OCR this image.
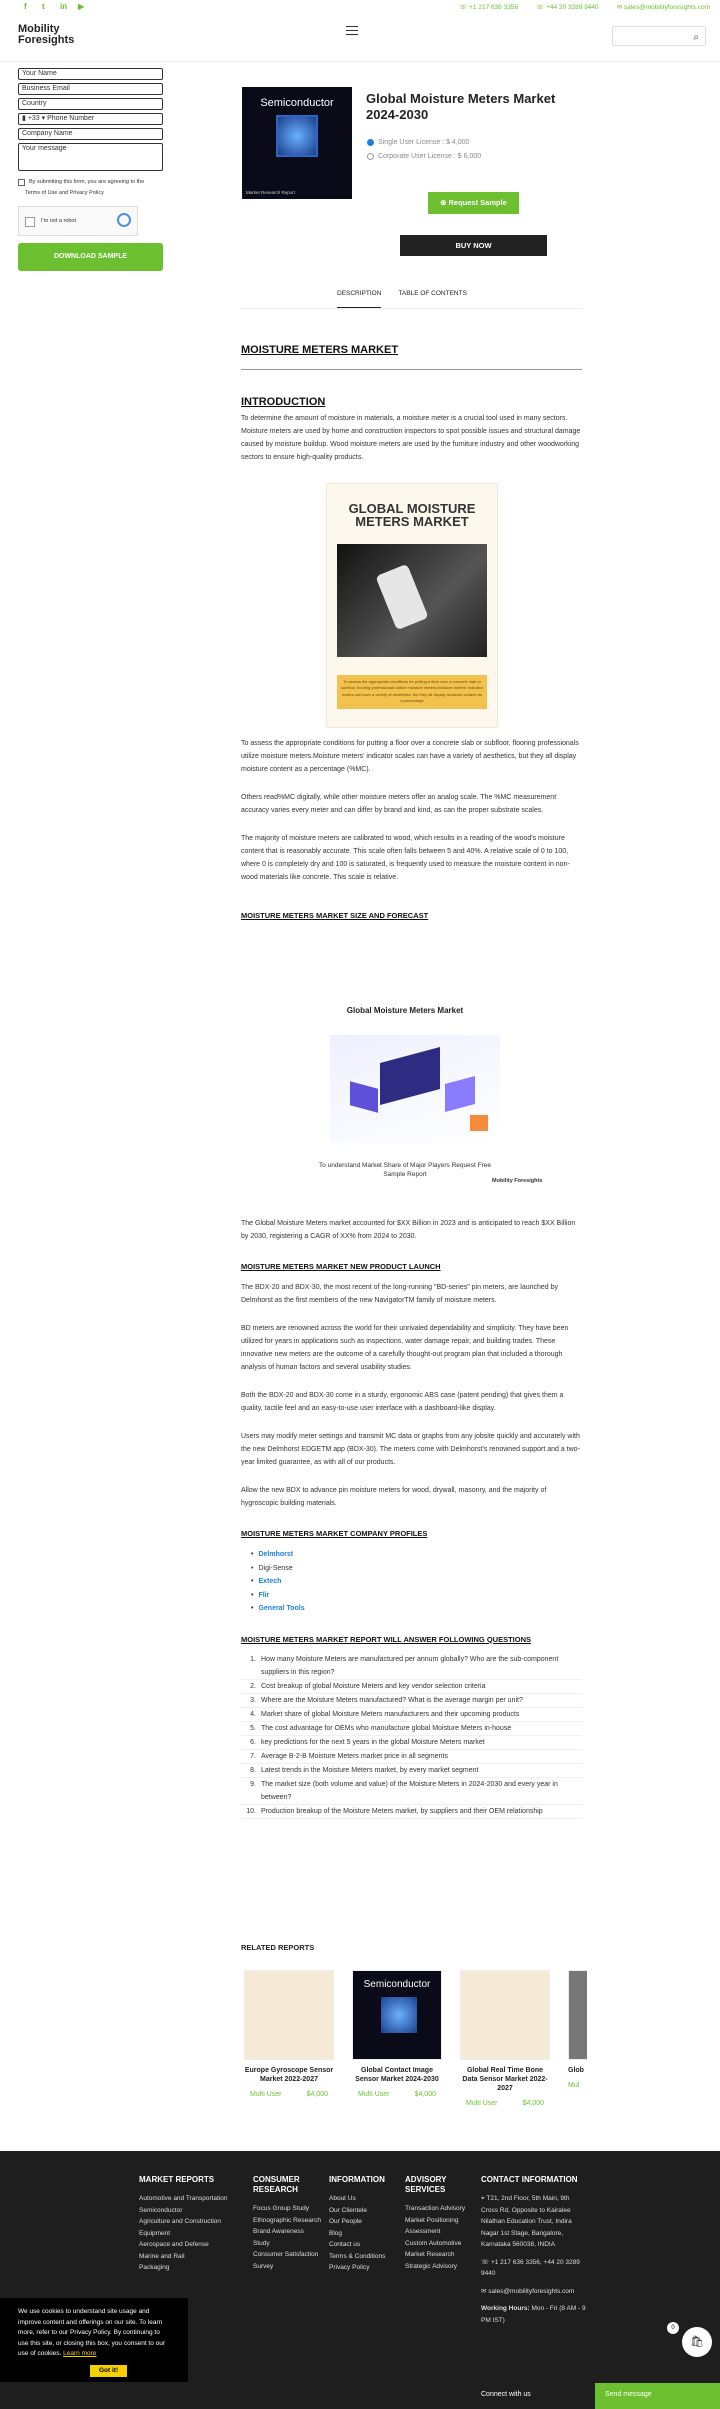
f	t	in ▶	☏ +1 217 636 3356	☏ +44 20 3289 9440	✉ sales@mobilityforesights.com
Mobility
Foresights	⌕
Your Name
Business Email
Country
▮ +33 ▾ Phone Number
Company Name
Your message
By submitting this form, you are agreeing to the
Terms of Use and Privacy Policy
I'm not a robot
DOWNLOAD SAMPLE
Semiconductor
Market Research Report
Global Moisture Meters Market 2024-2030
Single User License : $ 4,000
Corporate User License : $ 6,000
⊕ Request Sample
BUY NOW
DESCRIPTION	TABLE OF CONTENTS
MOISTURE METERS MARKET
INTRODUCTION
To determine the amount of moisture in materials, a moisture meter is a crucial tool used in many sectors. Moisture meters are used by home and construction inspectors to spot possible issues and structural damage caused by moisture buildup. Wood moisture meters are used by the furniture industry and other woodworking sectors to ensure high-quality products.
GLOBAL MOISTURE METERS MARKET
To assess the appropriate conditions for putting a floor over a concrete slab or subfloor, flooring professionals utilize moisture meters.Moisture meters' indicator scales can have a variety of aesthetics, but they all display moisture content as a percentage
To assess the appropriate conditions for putting a floor over a concrete slab or subfloor, flooring professionals utilize moisture meters.Moisture meters' indicator scales can have a variety of aesthetics, but they all display moisture content as a percentage (%MC).
Others read%MC digitally, while other moisture meters offer an analog scale. The %MC measurement accuracy varies every meter and can differ by brand and kind, as can the proper substrate scales.
The majority of moisture meters are calibrated to wood, which results in a reading of the wood's moisture content that is reasonably accurate. This scale often falls between 5 and 40%. A relative scale of 0 to 100, where 0 is completely dry and 100 is saturated, is frequently used to measure the moisture content in non-wood materials like concrete. This scale is relative.
MOISTURE METERS MARKET SIZE AND FORECAST
Global Moisture Meters Market
To understand Market Share of Major Players Request Free Sample Report
Mobility Foresights
The Global Moisture Meters market accounted for $XX Billion in 2023 and is anticipated to reach $XX Billion by 2030, registering a CAGR of XX% from 2024 to 2030.
MOISTURE METERS MARKET NEW PRODUCT LAUNCH
The BDX-20 and BDX-30, the most recent of the long-running "BD-series" pin meters, are launched by Delmhorst as the first members of the new NavigatorTM family of moisture meters.
BD meters are renowned across the world for their unrivaled dependability and simplicity. They have been utilized for years in applications such as inspections, water damage repair, and building trades. These innovative new meters are the outcome of a carefully thought-out program plan that included a thorough analysis of human factors and several usability studies.
Both the BDX-20 and BDX-30 come in a sturdy, ergonomic ABS case (patent pending) that gives them a quality, tactile feel and an easy-to-use user interface with a dashboard-like display.
Users may modify meter settings and transmit MC data or graphs from any jobsite quickly and accurately with the new Delmhorst EDGETM app (BDX-30). The meters come with Delmhorst's renowned support and a two-year limited guarantee, as with all of our products.
Allow the new BDX to advance pin moisture meters for wood, drywall, masonry, and the majority of hygroscopic building materials.
MOISTURE METERS MARKET COMPANY PROFILES
• Delmhorst
• Digi-Sense
• Extech
• Flir
• General Tools
MOISTURE METERS MARKET REPORT WILL ANSWER FOLLOWING QUESTIONS
1. How many Moisture Meters are manufactured per annum globally? Who are the sub-component suppliers in this region?
2. Cost breakup of global Moisture Meters and key vendor selection criteria
3. Where are the Moisture Meters manufactured? What is the average margin per unit?
4. Market share of global Moisture Meters manufacturers and their upcoming products
5. The cost advantage for OEMs who manufacture global Moisture Meters in-house
6. key predictions for the next 5 years in the global Moisture Meters market
7. Average B-2-B Moisture Meters market price in all segments
8. Latest trends in the Moisture Meters market, by every market segment
9. The market size (both volume and value) of the Moisture Meters in 2024-2030 and every year in between?
10. Production breakup of the Moisture Meters market, by suppliers and their OEM relationship
RELATED REPORTS
Europe Gyroscope Sensor Market 2022-2027
Multi User	$4,000
Semiconductor
Global Contact Image Sensor Market 2024-2030
Multi User	$4,000
Global Real Time Bone Data Sensor Market 2022-2027
Multi User	$4,000
Glob
Mul
MARKET REPORTS

Automotive and Transportation

Semiconductor

Agriculture and Construction Equipment

Aerospace and Defense

Marine and Rail

Packaging

CONSUMER RESEARCH

Focus Group Study

Ethnographic Research

Brand Awareness Study

Consumer Satisfaction Survey

INFORMATION

About Us

Our Clientele

Our People

Blog

Contact us

Terms & Conditions

Privacy Policy

ADVISORY SERVICES

Transaction Advisory

Market Positioning Assessment

Custom Automotive Market Research

Strategic Advisory

CONTACT INFORMATION

⌖ T21, 2nd Floor, 5th Main, 9th Cross Rd, Opposite to Kairalee Nilathan Education Trust, Indira Nagar 1st Stage, Bangalore, Karnataka 560038, INDIA

☏ +1 217 636 3356, +44 20 3289 9440

✉ sales@mobilityforesights.com

Working Hours: Mon - Fri (8 AM - 9 PM IST)

We use cookies to understand site usage and improve content and offerings on our site. To learn more, refer to our Privacy Policy. By continuing to use this site, or closing this box, you consent to our use of cookies. Learn more
Got it!
🛍
0
Connect with us	Send message
